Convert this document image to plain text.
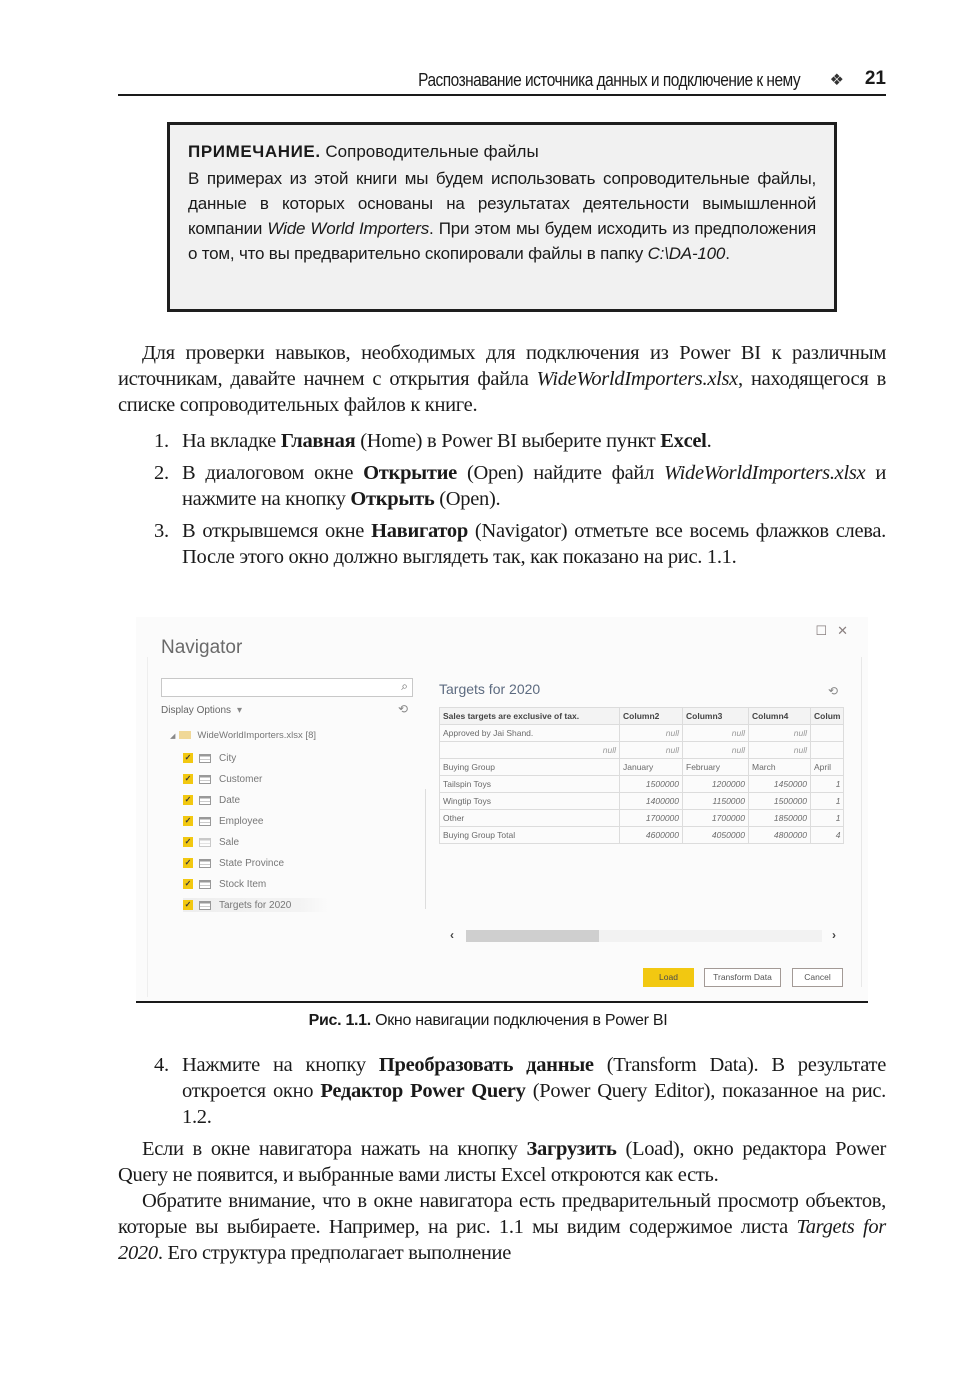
Распознавание источника данных и подключение к нему ❖ 21
ПРИМЕЧАНИЕ. Сопроводительные файлы

В примерах из этой книги мы будем использовать сопроводительные файлы, данные в которых основаны на результатах деятельности вымышленной компании Wide World Importers. При этом мы будем исходить из предположения о том, что вы предварительно скопировали файлы в папку C:\DA-100.

Для проверки навыков, необходимых для подключения из Power BI к различным источникам, давайте начнем с открытия файла WideWorldImporters.xlsx, находящегося в списке сопроводительных файлов к книге.

1. На вкладке Главная (Home) в Power BI выберите пункт Excel.
2. В диалоговом окне Открытие (Open) найдите файл WideWorldImporters.xlsx и нажмите на кнопку Открыть (Open).
3. В открывшемся окне Навигатор (Navigator) отметьте все восемь флажков слева. После этого окно должно выглядеть так, как показано на рис. 1.1.
☐✕
Navigator
⌕
Display Options ▾	⟲
◢ WideWorldImporters.xlsx [8]
✓	City
✓	Customer
✓	Date
✓	Employee
✓	Sale
✓	State Province
✓	Stock Item
✓	Targets for 2020
Targets for 2020	⟲
Sales targets are exclusive of tax.	Column2	Column3	Column4	Colum
Approved by Jai Shand.	null	null	null	
null	null	null	null	
Buying Group	January	February	March	April
Tailspin Toys	1500000	1200000	1450000	1
Wingtip Toys	1400000	1150000	1500000	1
Other	1700000	1700000	1850000	1
Buying Group Total	4600000	4050000	4800000	4
‹	›
Load	Transform Data	Cancel
Рис. 1.1. Окно навигации подключения в Power BI
4. Нажмите на кнопку Преобразовать данные (Transform Data). В результате откроется окно Редактор Power Query (Power Query Editor), показанное на рис. 1.2.

Если в окне навигатора нажать на кнопку Загрузить (Load), окно редактора Power Query не появится, и выбранные вами листы Excel откроются как есть.

Обратите внимание, что в окне навигатора есть предварительный просмотр объектов, которые вы выбираете. Например, на рис. 1.1 мы видим содержимое листа Targets for 2020. Его структура предполагает выполнение
